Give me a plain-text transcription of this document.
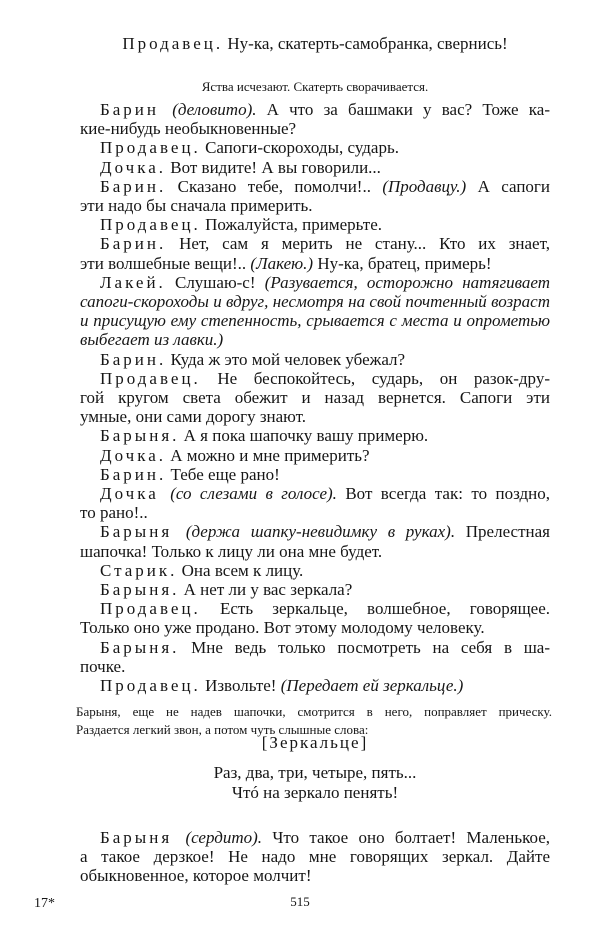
Продавец. Ну-ка, скатерть-самобранка, свернись!
Яства исчезают. Скатерть сворачивается.
Барин (деловито). А что за башмаки у вас? Тоже ка-
кие-нибудь необыкновенные?
Продавец. Сапоги-скороходы, сударь.
Дочка. Вот видите! А вы говорили...
Барин. Сказано тебе, помолчи!.. (Продавцу.) А сапоги
эти надо бы сначала примерить.
Продавец. Пожалуйста, примерьте.
Барин. Нет, сам я мерить не стану... Кто их знает,
эти волшебные вещи!.. (Лакею.) Ну-ка, братец, примерь!
Лакей. Слушаю-с! (Разувается, осторожно натягивает
сапоги-скороходы и вдруг, несмотря на свой почтенный возраст
и присущую ему степенность, срывается с места и опрометью
выбегает из лавки.)
Барин. Куда ж это мой человек убежал?
Продавец. Не беспокойтесь, сударь, он разок-дру-
гой кругом света обежит и назад вернется. Сапоги эти
умные, они сами дорогу знают.
Барыня. А я пока шапочку вашу примерю.
Дочка. А можно и мне примерить?
Барин. Тебе еще рано!
Дочка (со слезами в голосе). Вот всегда так: то поздно,
то рано!..
Барыня (держа шапку-невидимку в руках). Прелестная
шапочка! Только к лицу ли она мне будет.
Старик. Она всем к лицу.
Барыня. А нет ли у вас зеркала?
Продавец. Есть зеркальце, волшебное, говорящее.
Только оно уже продано. Вот этому молодому человеку.
Барыня. Мне ведь только посмотреть на себя в ша-
почке.
Продавец. Извольте! (Передает ей зеркальце.)
Барыня, еще не надев шапочки, смотрится в него, поправляет прическу.
Раздается легкий звон, а потом чуть слышные слова:
[Зеркальце]
Раз, два, три, четыре, пять...
Чтó на зеркало пенять!
Барыня (сердито). Что такое оно болтает! Маленькое,
а такое дерзкое! Не надо мне говорящих зеркал. Дайте
обыкновенное, которое молчит!
17*	515
